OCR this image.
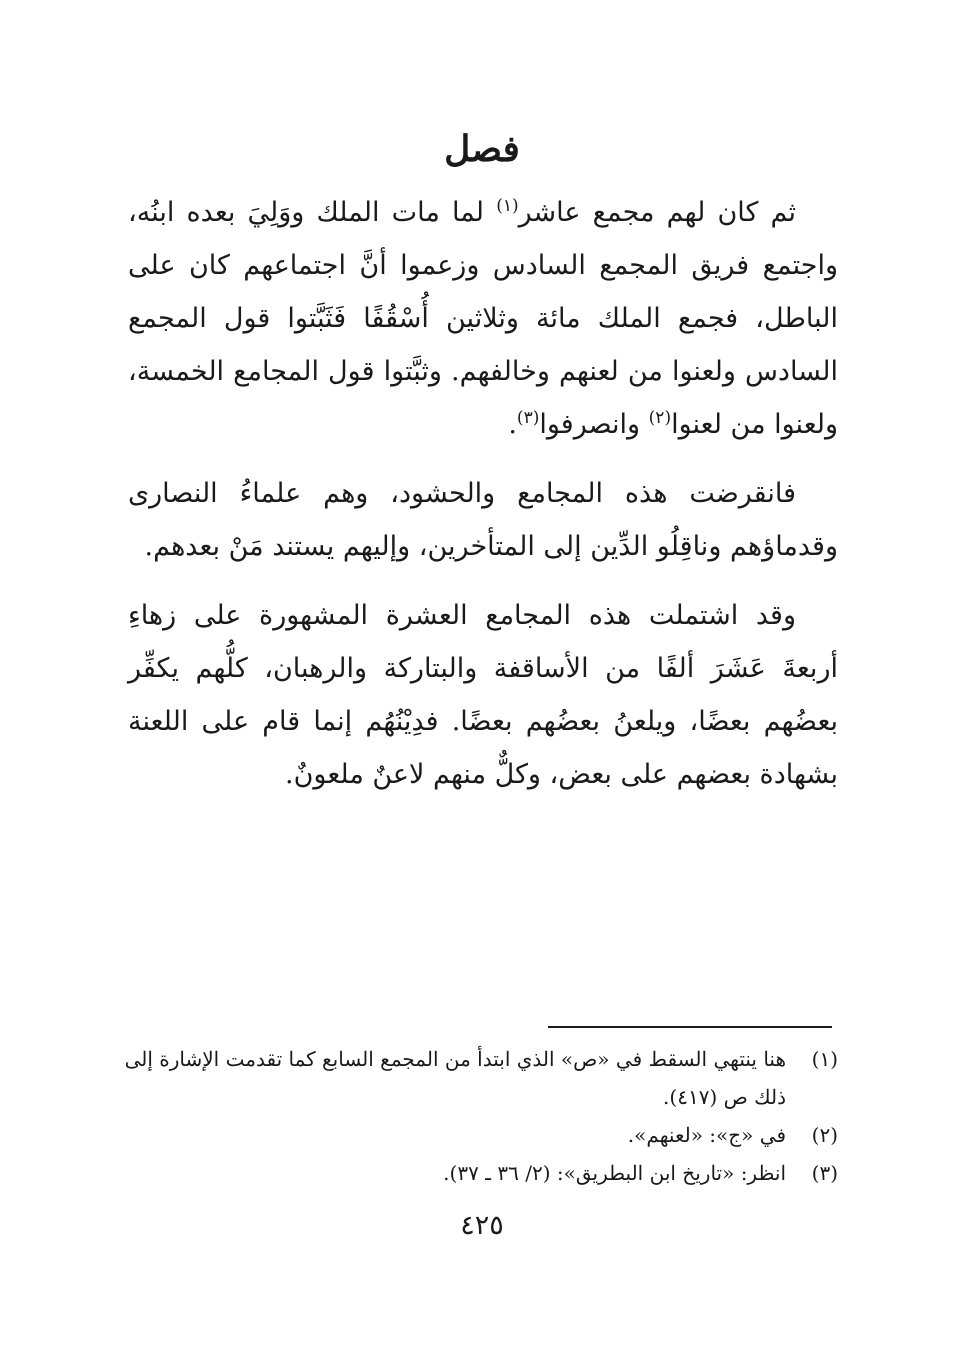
فصل

ثم كان لهم مجمع عاشر$^{(١)}$ لما مات الملك ووَلِيَ بعده ابنُه، واجتمع فريق المجمع السادس وزعموا أنَّ اجتماعهم كان على الباطل، فجمع الملك مائة وثلاثين أُسْقُفًا فَثَبَّتوا قول المجمع السادس ولعنوا من لعنهم وخالفهم. وثبَّتوا قول المجامع الخمسة، ولعنوا من لعنوا$^{(٢)}$ وانصرفوا$^{(٣)}$.

فانقرضت هذه المجامع والحشود، وهم علماءُ النصارى وقدماؤهم وناقِلُو الدِّين إلى المتأخرين، وإليهم يستند مَنْ بعدهم.

وقد اشتملت هذه المجامع العشرة المشهورة على زهاءِ أربعةَ عَشَرَ ألفًا من الأساقفة والبتاركة والرهبان، كلُّهم يكفِّر بعضُهم بعضًا، ويلعنُ بعضُهم بعضًا. فدِيْنُهُم إنما قام على اللعنة بشهادة بعضهم على بعض، وكلٌّ منهم لاعنٌ ملعونٌ.

(١)
هنا ينتهي السقط في «ص» الذي ابتدأ من المجمع السابع كما تقدمت الإشارة إلى ذلك ص (٤١٧).
(٢)
في «ج»: «لعنهم».
(٣)
انظر: «تاريخ ابن البطريق»: (٢/ ٣٦ ـ ٣٧).

٤٢٥
